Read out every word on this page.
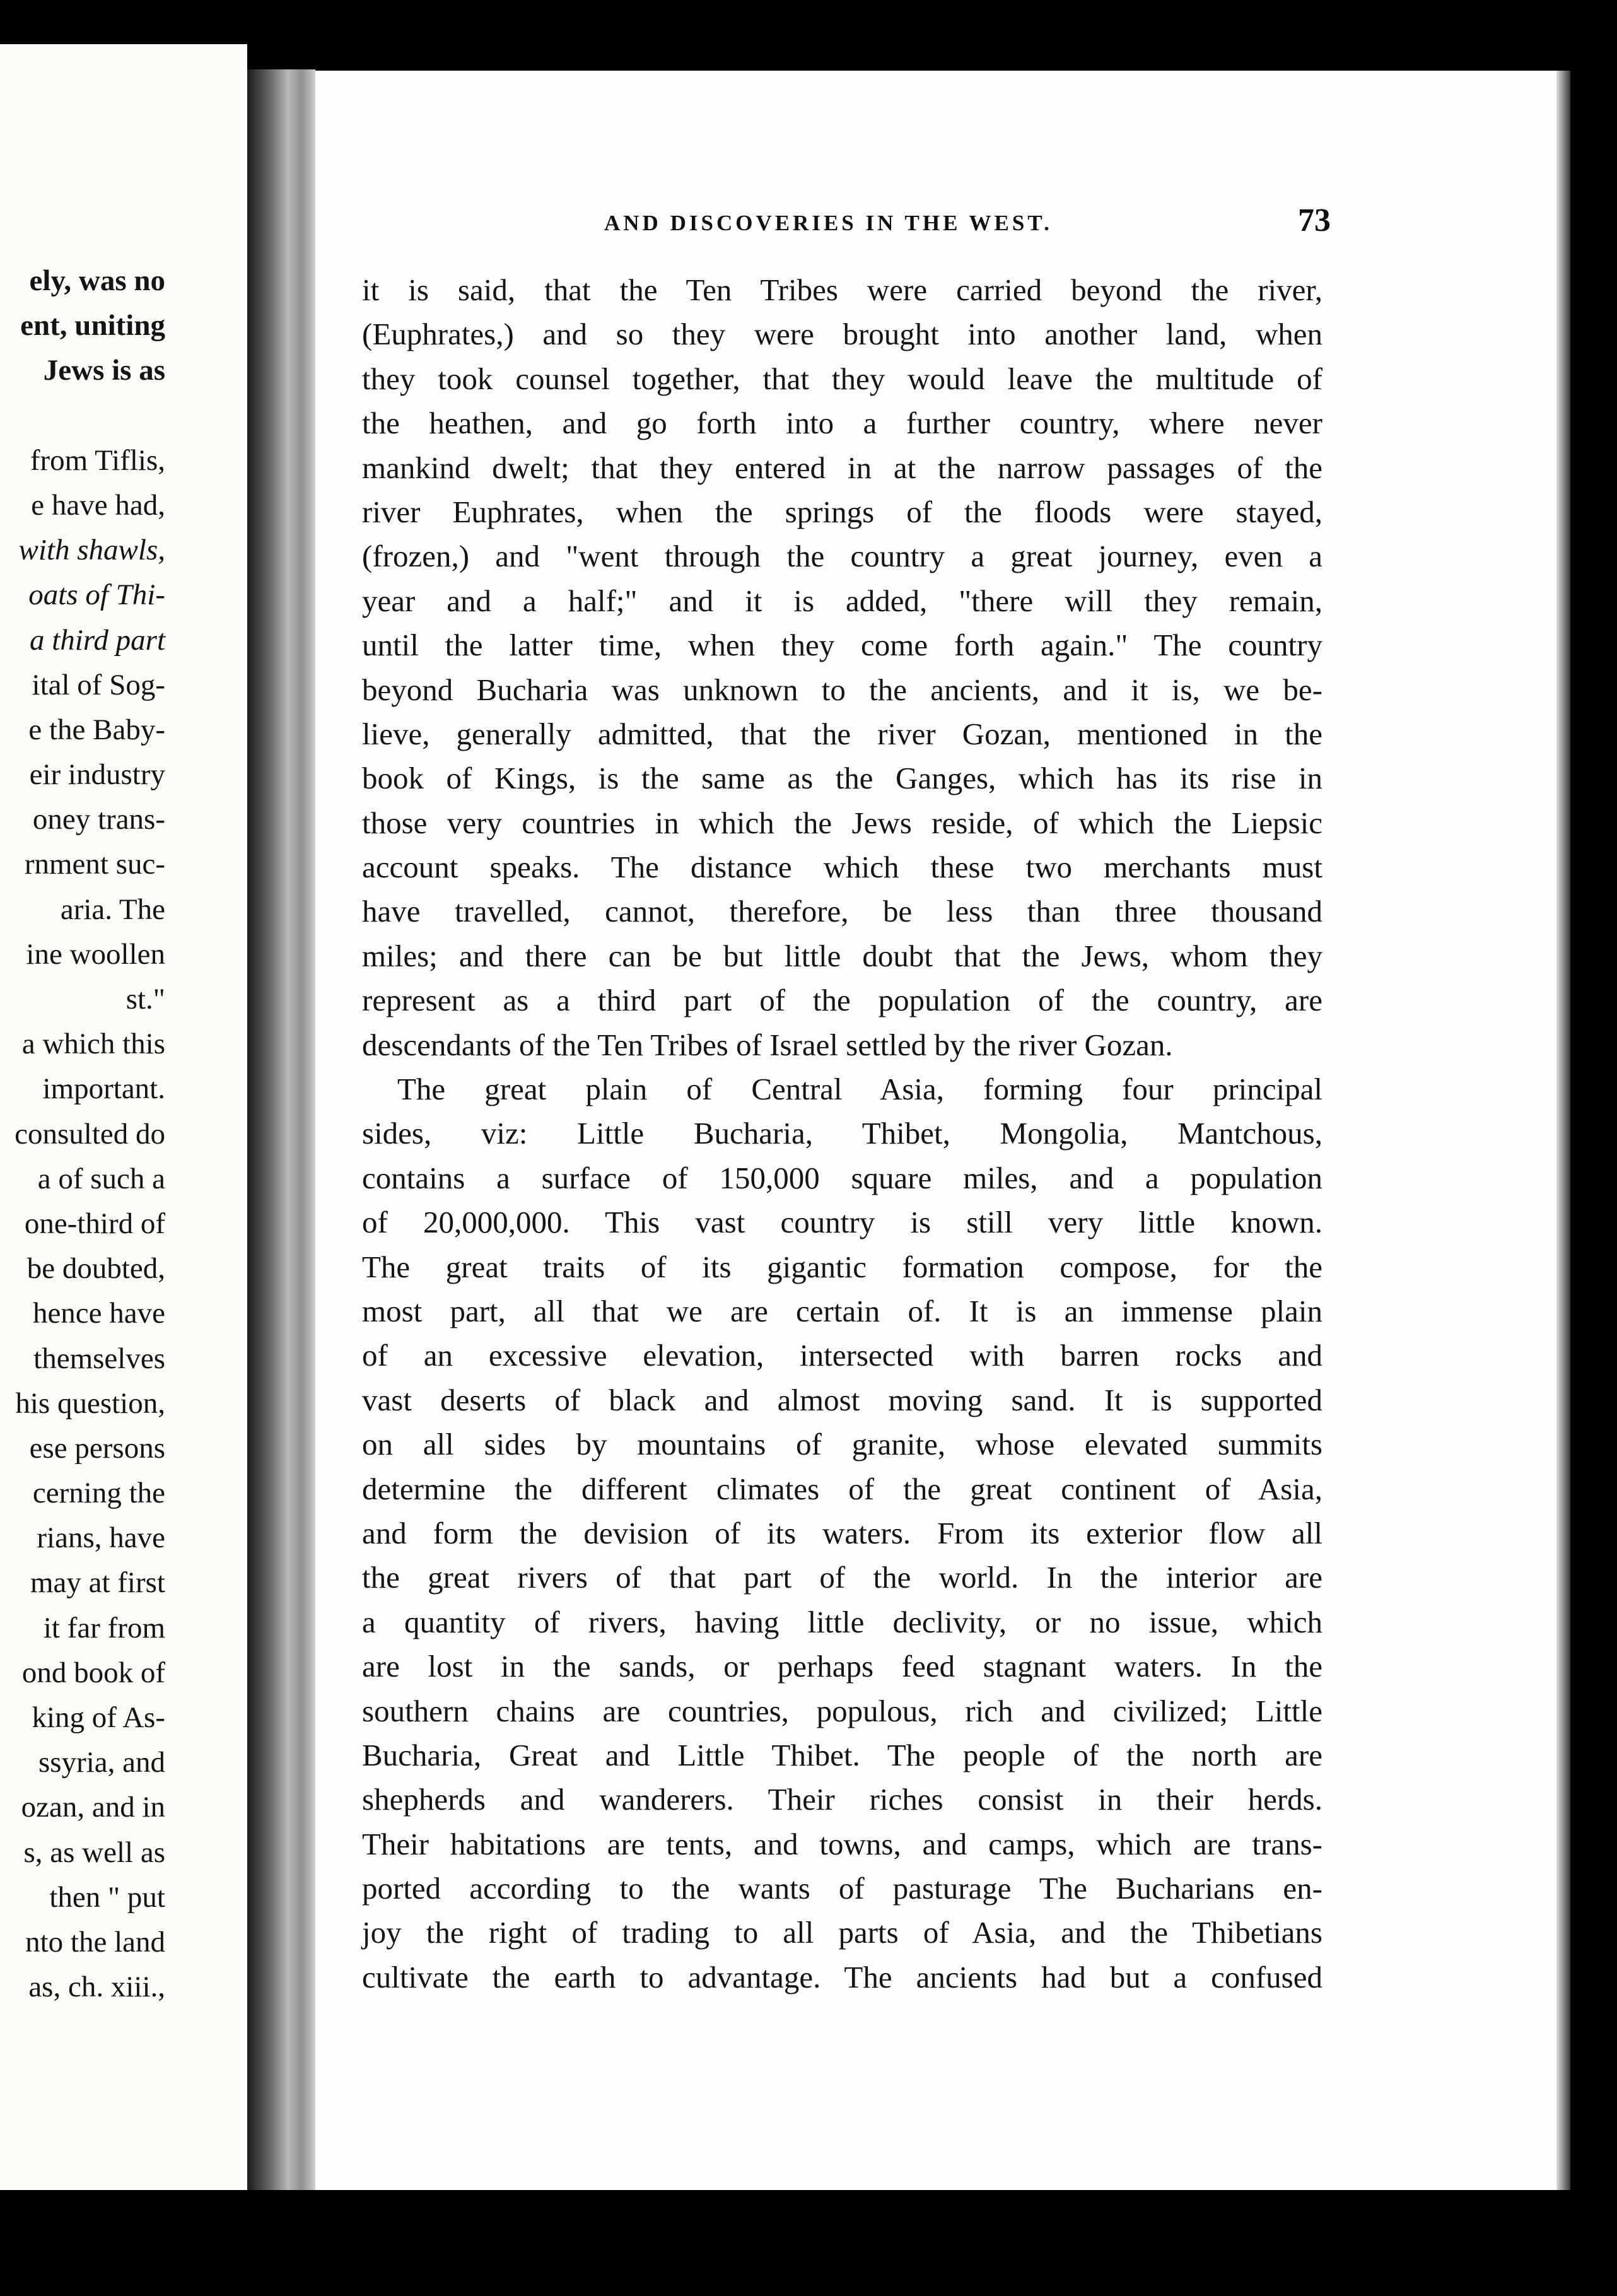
ely, was no
ent, uniting
Jews is as
from Tiflis,
e have had,
with shawls,
oats of Thi-
a third part
ital of Sog-
e the Baby-
eir industry
oney trans-
rnment suc-
aria. The
ine woollen
st."
a which this
important.
consulted do
a of such a
one-third of
be doubted,
hence have
themselves
his question,
ese persons
cerning the
rians, have
may at first
it far from
ond book of
king of As-
ssyria, and
ozan, and in
s, as well as
then " put
nto the land
as, ch. xiii.,
AND DISCOVERIES IN THE WEST.	73
it is said, that the Ten Tribes were carried beyond the river,
(Euphrates,) and so they were brought into another land, when
they took counsel together, that they would leave the multitude of
the heathen, and go forth into a further country, where never
mankind dwelt; that they entered in at the narrow passages of the
river Euphrates, when the springs of the floods were stayed,
(frozen,) and "went through the country a great journey, even a
year and a half;" and it is added, "there will they remain,
until the latter time, when they come forth again." The country
beyond Bucharia was unknown to the ancients, and it is, we be-
lieve, generally admitted, that the river Gozan, mentioned in the
book of Kings, is the same as the Ganges, which has its rise in
those very countries in which the Jews reside, of which the Liepsic
account speaks. The distance which these two merchants must
have travelled, cannot, therefore, be less than three thousand
miles; and there can be but little doubt that the Jews, whom they
represent as a third part of the population of the country, are
descendants of the Ten Tribes of Israel settled by the river Gozan.
The great plain of Central Asia, forming four principal
sides, viz: Little Bucharia, Thibet, Mongolia, Mantchous,
contains a surface of 150,000 square miles, and a population
of 20,000,000. This vast country is still very little known.
The great traits of its gigantic formation compose, for the
most part, all that we are certain of. It is an immense plain
of an excessive elevation, intersected with barren rocks and
vast deserts of black and almost moving sand. It is supported
on all sides by mountains of granite, whose elevated summits
determine the different climates of the great continent of Asia,
and form the devision of its waters. From its exterior flow all
the great rivers of that part of the world. In the interior are
a quantity of rivers, having little declivity, or no issue, which
are lost in the sands, or perhaps feed stagnant waters. In the
southern chains are countries, populous, rich and civilized; Little
Bucharia, Great and Little Thibet. The people of the north are
shepherds and wanderers. Their riches consist in their herds.
Their habitations are tents, and towns, and camps, which are trans-
ported according to the wants of pasturage The Bucharians en-
joy the right of trading to all parts of Asia, and the Thibetians
cultivate the earth to advantage. The ancients had but a confused
